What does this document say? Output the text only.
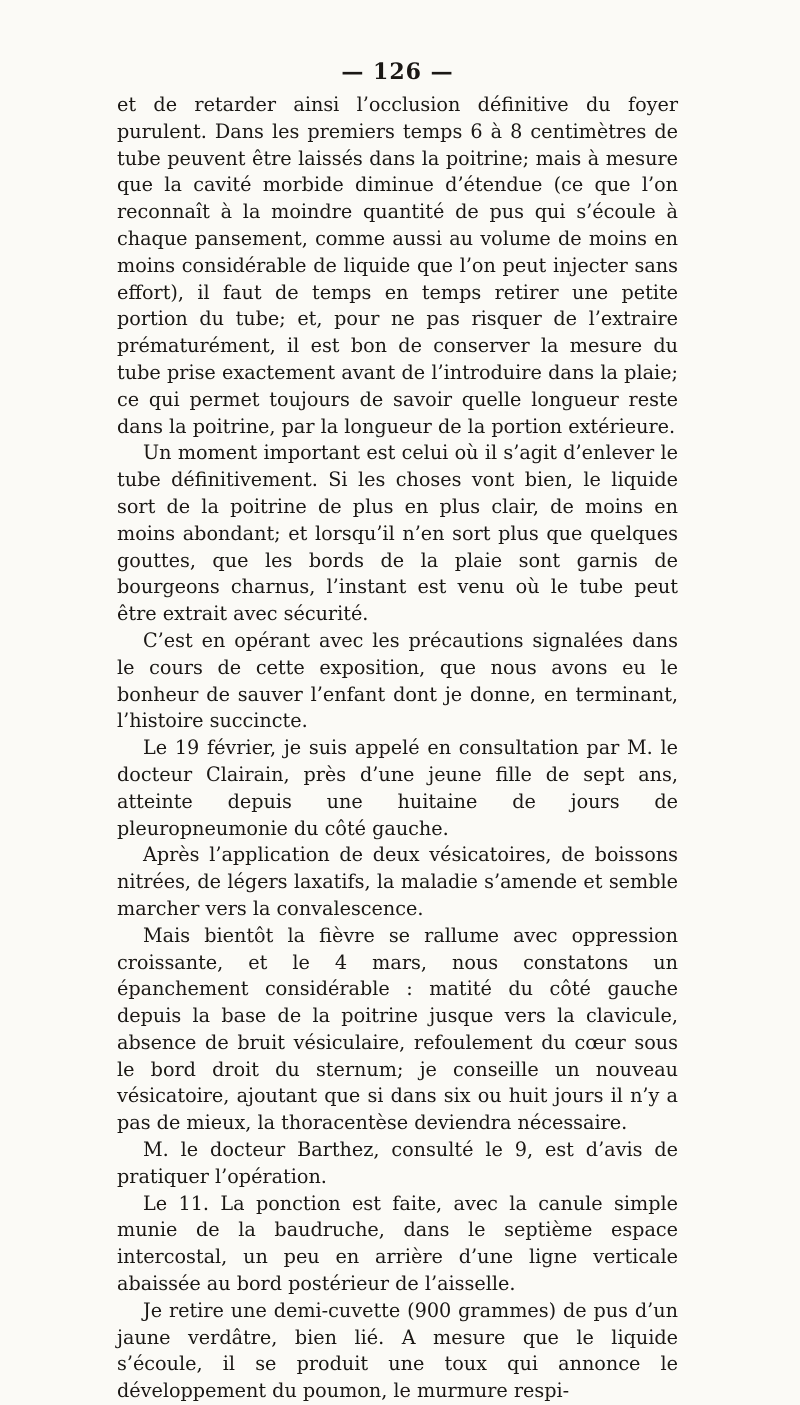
— 126 —

et de retarder ainsi l’occlusion définitive du foyer purulent. Dans les premiers temps 6 à 8 centimètres de tube peuvent être laissés dans la poitrine; mais à mesure que la cavité morbide diminue d’étendue (ce que l’on reconnaît à la moindre quantité de pus qui s’écoule à chaque pansement, comme aussi au volume de moins en moins considérable de liquide que l’on peut injecter sans effort), il faut de temps en temps retirer une petite portion du tube; et, pour ne pas risquer de l’extraire prématurément, il est bon de conserver la mesure du tube prise exactement avant de l’introduire dans la plaie; ce qui permet toujours de savoir quelle longueur reste dans la poitrine, par la longueur de la portion extérieure.

Un moment important est celui où il s’agit d’enlever le tube définitivement. Si les choses vont bien, le liquide sort de la poitrine de plus en plus clair, de moins en moins abondant; et lorsqu’il n’en sort plus que quelques gouttes, que les bords de la plaie sont garnis de bourgeons charnus, l’instant est venu où le tube peut être extrait avec sécurité.

C’est en opérant avec les précautions signalées dans le cours de cette exposition, que nous avons eu le bonheur de sauver l’enfant dont je donne, en terminant, l’histoire succincte.

Le 19 février, je suis appelé en consultation par M. le docteur Clairain, près d’une jeune fille de sept ans, atteinte depuis une huitaine de jours de pleuropneumonie du côté gauche.

Après l’application de deux vésicatoires, de boissons nitrées, de légers laxatifs, la maladie s’amende et semble marcher vers la convalescence.

Mais bientôt la fièvre se rallume avec oppression croissante, et le 4 mars, nous constatons un épanchement considérable : matité du côté gauche depuis la base de la poitrine jusque vers la clavicule, absence de bruit vésiculaire, refoulement du cœur sous le bord droit du sternum; je conseille un nouveau vésicatoire, ajoutant que si dans six ou huit jours il n’y a pas de mieux, la thoracentèse deviendra nécessaire.

M. le docteur Barthez, consulté le 9, est d’avis de pratiquer l’opération.

Le 11. La ponction est faite, avec la canule simple munie de la baudruche, dans le septième espace intercostal, un peu en arrière d’une ligne verticale abaissée au bord postérieur de l’aisselle.

Je retire une demi-cuvette (900 grammes) de pus d’un jaune verdâtre, bien lié. A mesure que le liquide s’écoule, il se produit une toux qui annonce le développement du poumon, le murmure respi-
